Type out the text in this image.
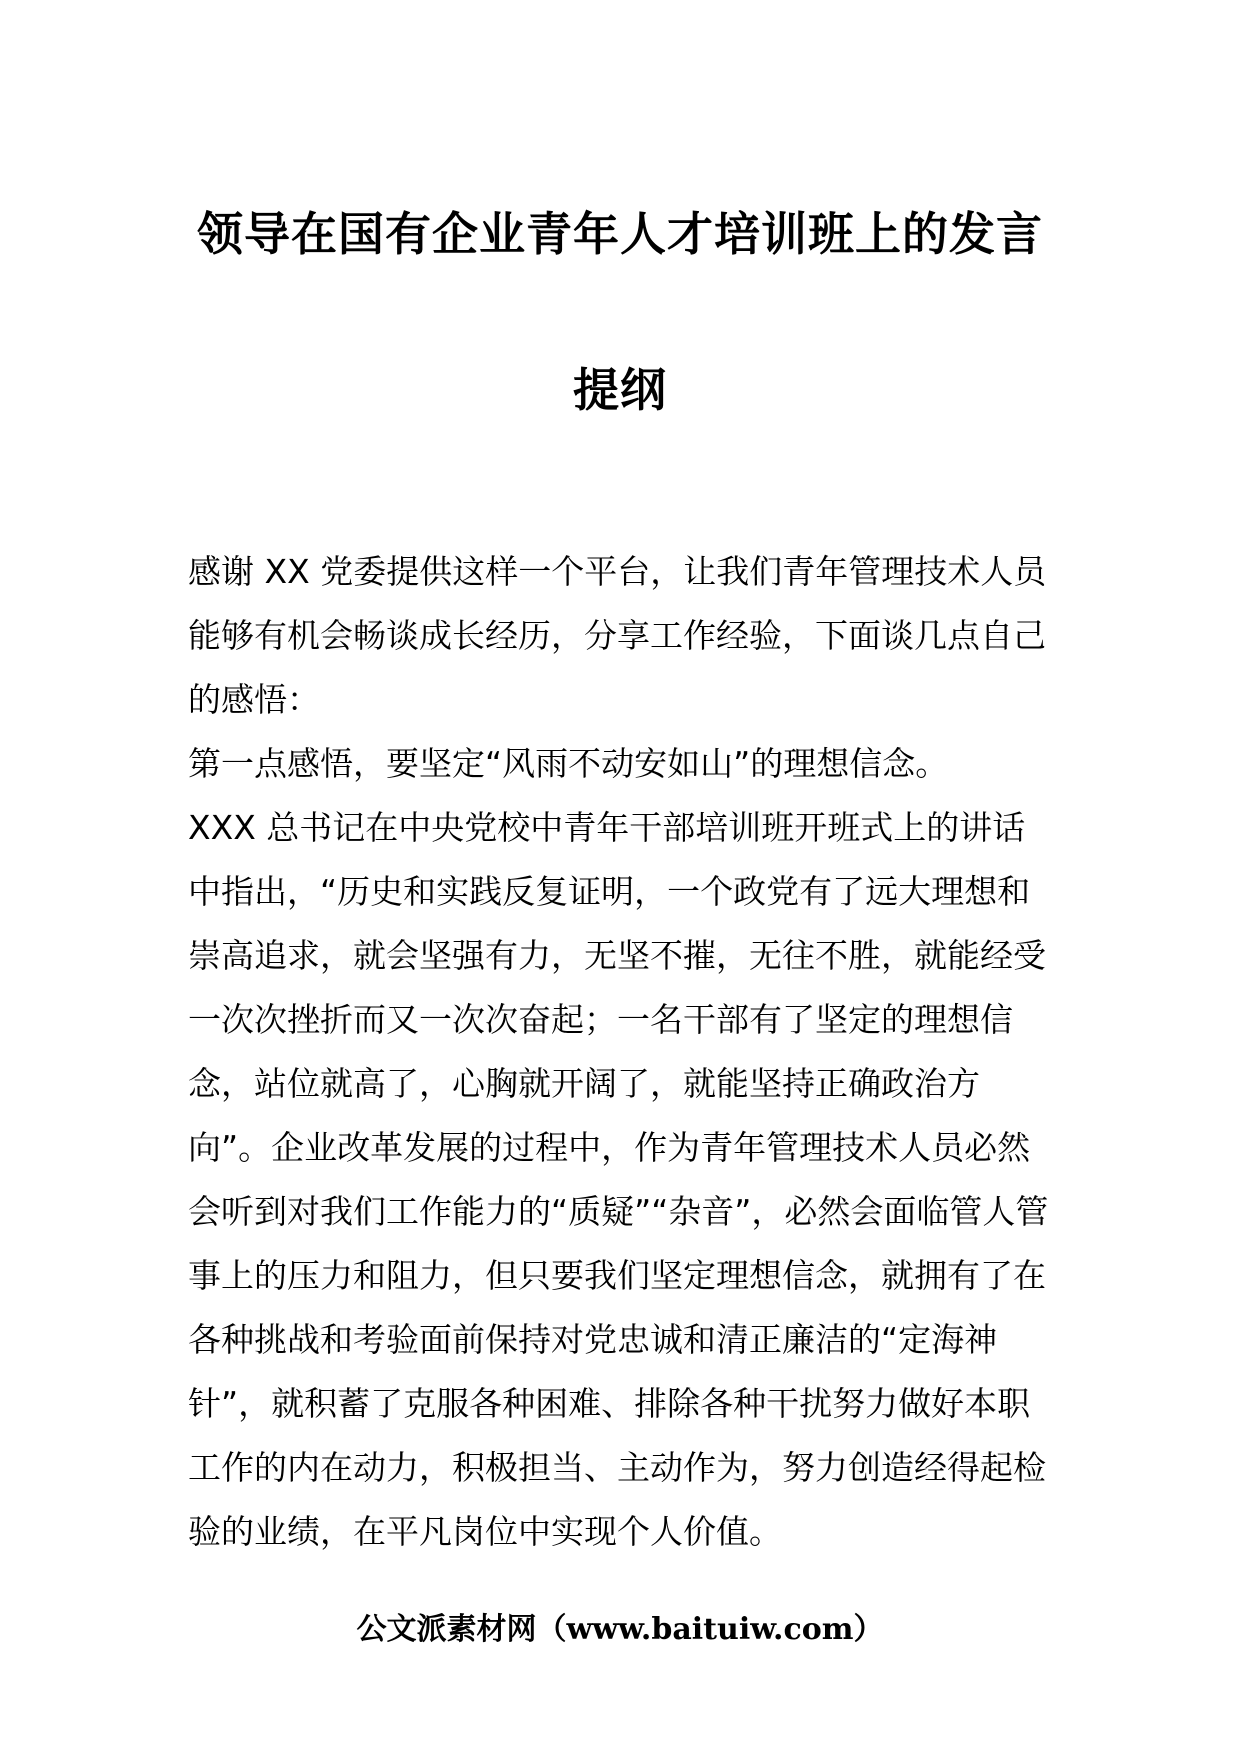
领导在国有企业青年人才培训班上的发言
提纲

感谢 XX 党委提供这样一个平台，让我们青年管理技术人员能够有机会畅谈成长经历，分享工作经验，下面谈几点自己的感悟：

第一点感悟，要坚定“风雨不动安如山”的理想信念。

XXX 总书记在中央党校中青年干部培训班开班式上的讲话中指出，“历史和实践反复证明，一个政党有了远大理想和崇高追求，就会坚强有力，无坚不摧，无往不胜，就能经受一次次挫折而又一次次奋起；一名干部有了坚定的理想信念，站位就高了，心胸就开阔了，就能坚持正确政治方向”。企业改革发展的过程中，作为青年管理技术人员必然会听到对我们工作能力的“质疑”“杂音”，必然会面临管人管事上的压力和阻力，但只要我们坚定理想信念，就拥有了在各种挑战和考验面前保持对党忠诚和清正廉洁的“定海神针”，就积蓄了克服各种困难、排除各种干扰努力做好本职工作的内在动力，积极担当、主动作为，努力创造经得起检验的业绩，在平凡岗位中实现个人价值。

公文派素材网（www.baituiw.com）
